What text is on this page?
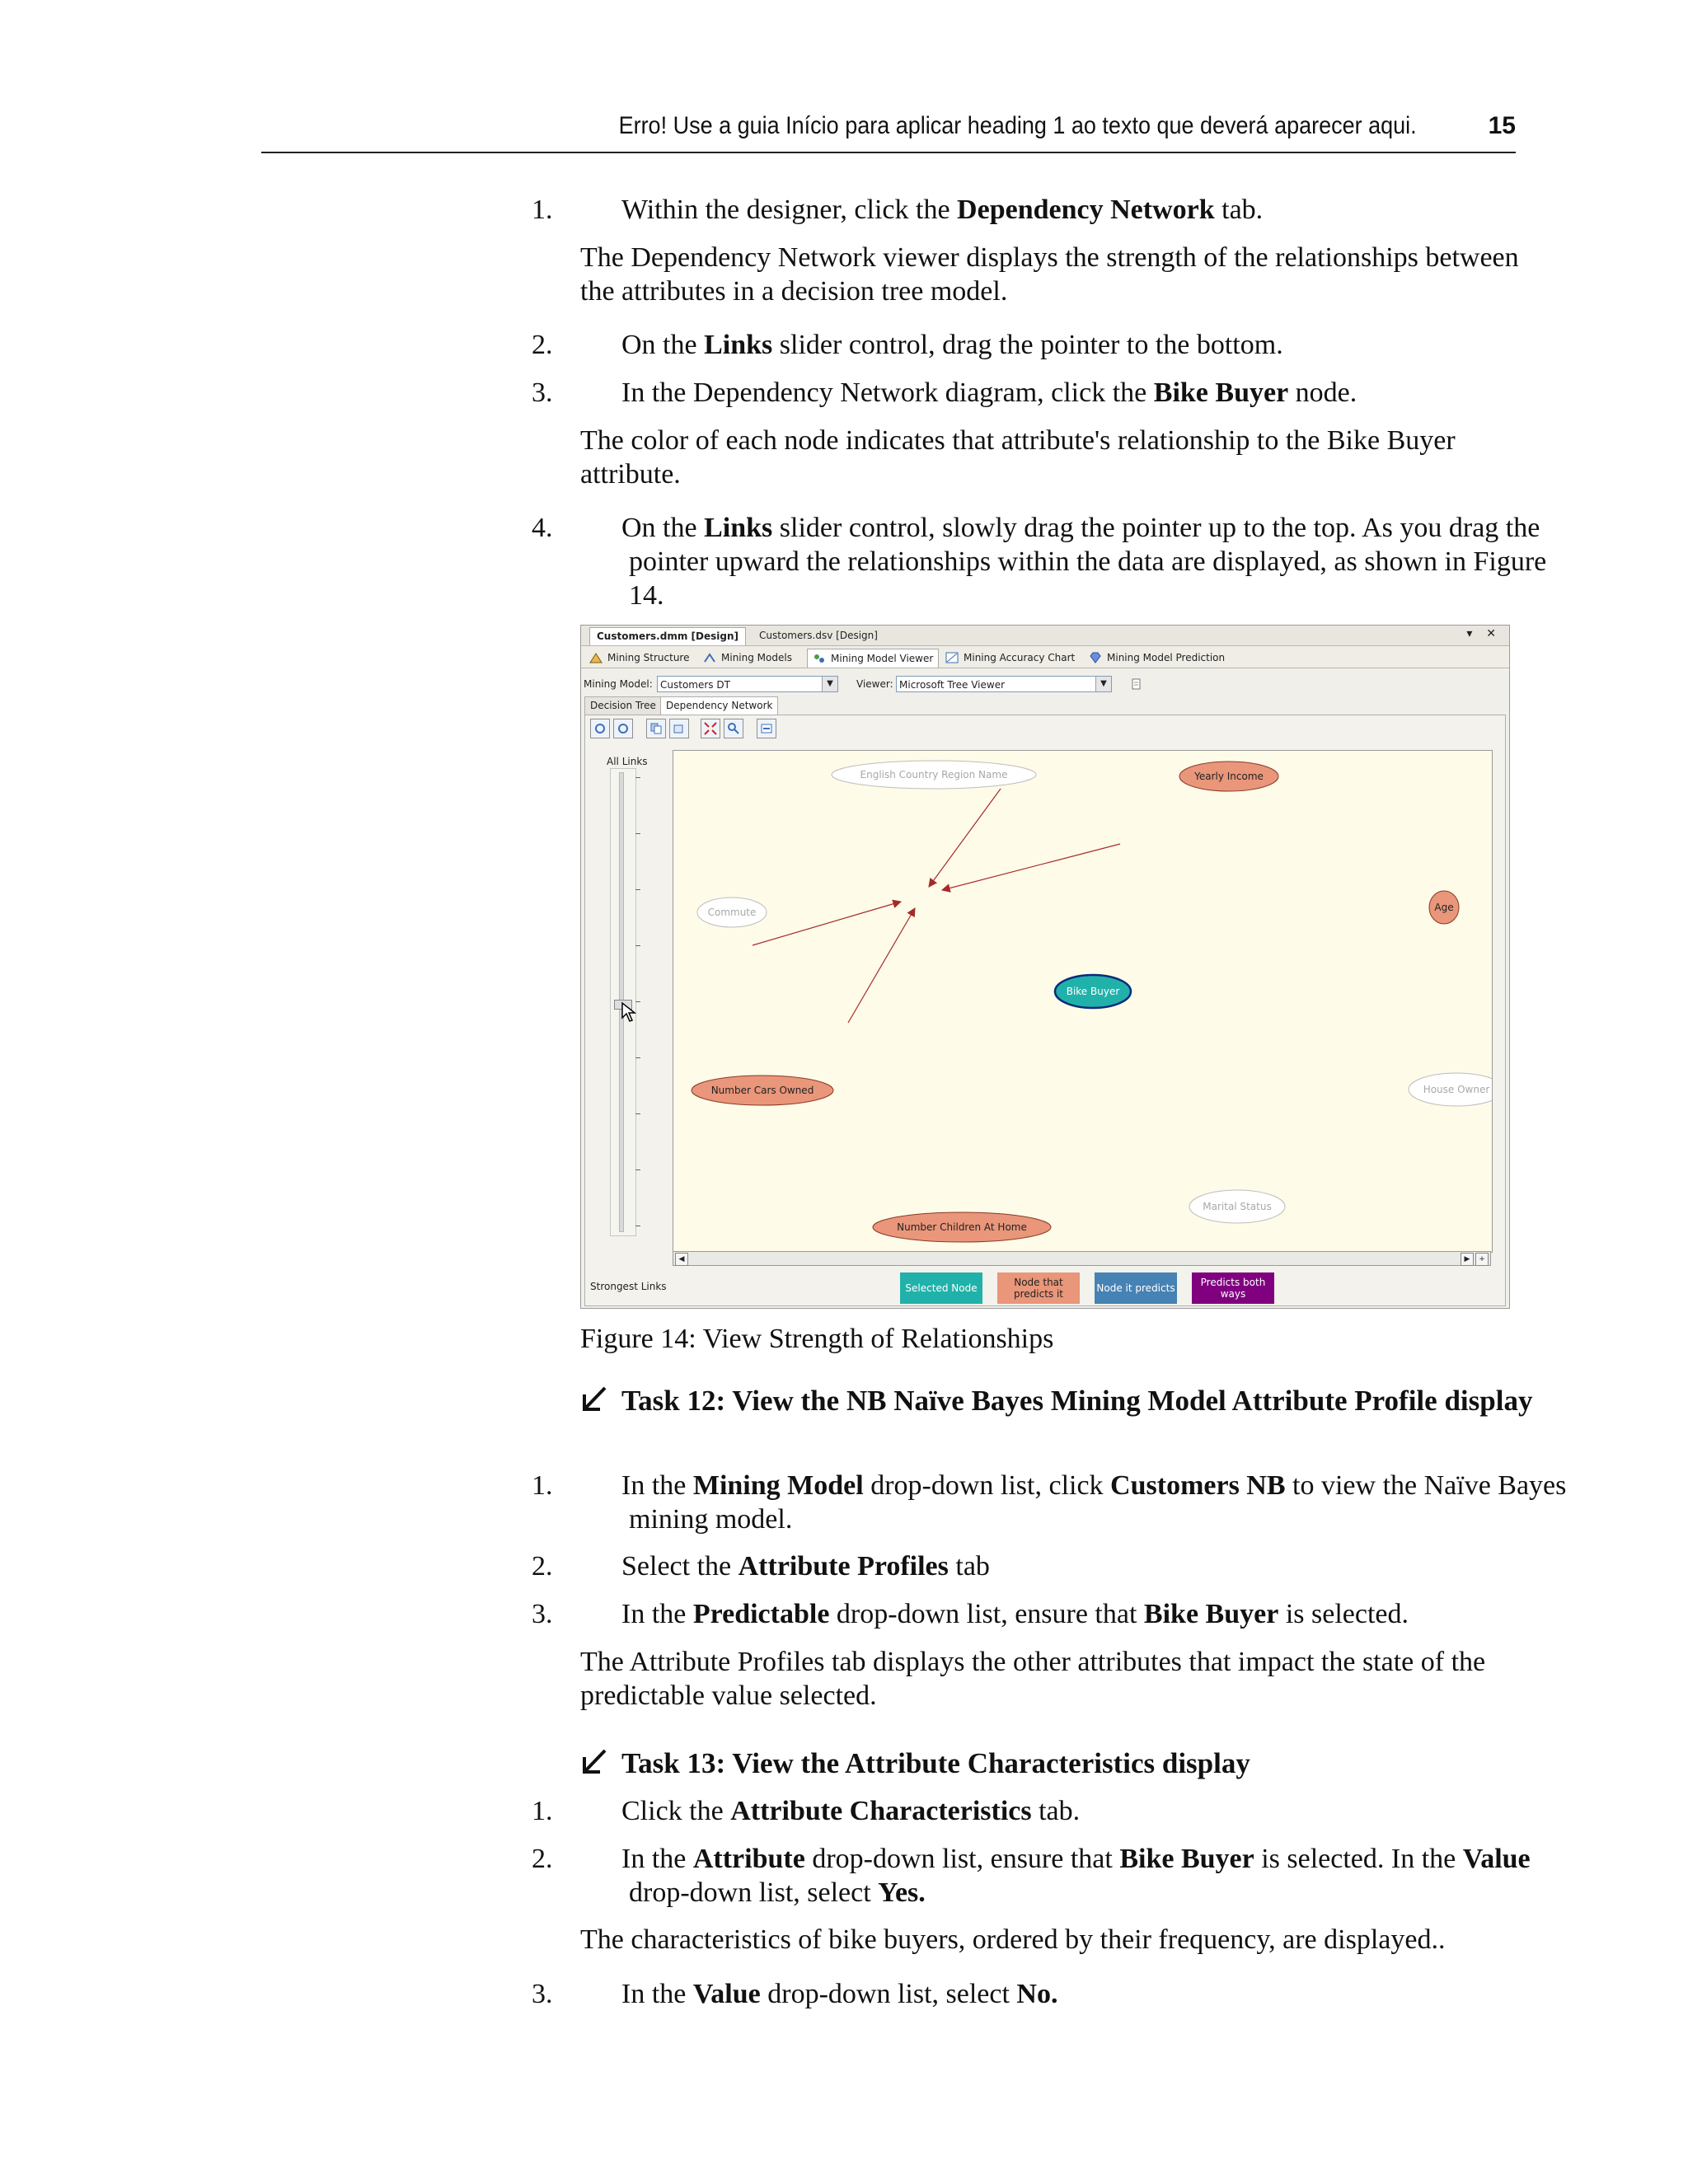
Erro! Use a guia Início para aplicar heading 1 ao texto que deverá aparecer aqui.	15
1. Within the designer, click the Dependency Network tab.
The Dependency Network viewer displays the strength of the relationships between the attributes in a decision tree model.
2. On the Links slider control, drag the pointer to the bottom.
3. In the Dependency Network diagram, click the Bike Buyer node.
The color of each node indicates that attribute's relationship to the Bike Buyer attribute.
4. On the Links slider control, slowly drag the pointer up to the top. As you drag the pointer upward the relationships within the data are displayed, as shown in Figure 14.
Customers.dmm [Design]	Customers.dsv [Design]	▾ ✕
Mining Structure	Mining Models	Mining Model Viewer	Mining Accuracy Chart	Mining Model Prediction
Mining Model: Customers DT	▼	Viewer: Microsoft Tree Viewer	▼
Decision Tree	Dependency Network
All Links
Strongest Links
English Country Region Name	Yearly Income
Commute	Age
Bike Buyer
Number Cars Owned	House Owner
Marital Status
Number Children At Home
◀	▶	+
Selected Node	Node that predicts it	Node it predicts	Predicts both ways
Figure 14: View Strength of Relationships
Task 12: View the NB Naïve Bayes Mining Model Attribute Profile display
1. In the Mining Model drop-down list, click Customers NB to view the Naïve Bayes mining model.
2. Select the Attribute Profiles tab
3. In the Predictable drop-down list, ensure that Bike Buyer is selected.
The Attribute Profiles tab displays the other attributes that impact the state of the predictable value selected.
Task 13: View the Attribute Characteristics display
1. Click the Attribute Characteristics tab.
2. In the Attribute drop-down list, ensure that Bike Buyer is selected. In the Value drop-down list, select Yes.
The characteristics of bike buyers, ordered by their frequency, are displayed..
3. In the Value drop-down list, select No.
